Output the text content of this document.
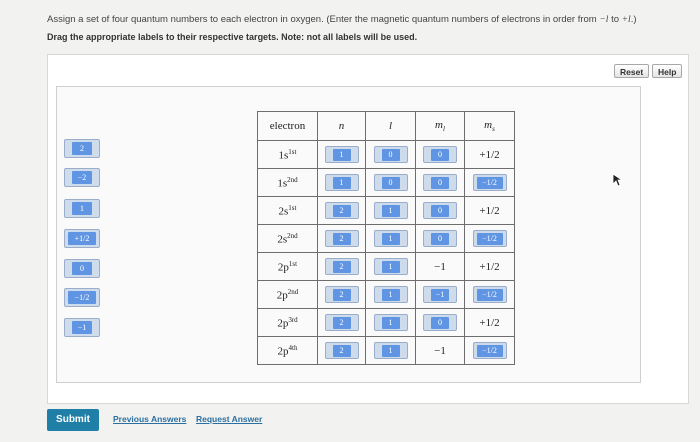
Assign a set of four quantum numbers to each electron in oxygen. (Enter the magnetic quantum numbers of electrons in order from −l to +l.)
Drag the appropriate labels to their respective targets. Note: not all labels will be used.
Reset	Help
2
−2
1
+1/2
0
−1/2
−1
electron	n	l	$m_l$	$m_s$
$1s^{1st}$	1	0	0	+1/2
$1s^{2nd}$	1	0	0	−1/2

$2s^{1st}$	2	1	0	+1/2
$2s^{2nd}$	2	1	0	−1/2

$2p^{1st}$	2	1	−1	+1/2
$2p^{2nd}$	2	1	−1	−1/2

$2p^{3rd}$	2	1	0	+1/2
$2p^{4th}$	2	1	−1	−1/2
Submit	Previous Answers Request Answer
